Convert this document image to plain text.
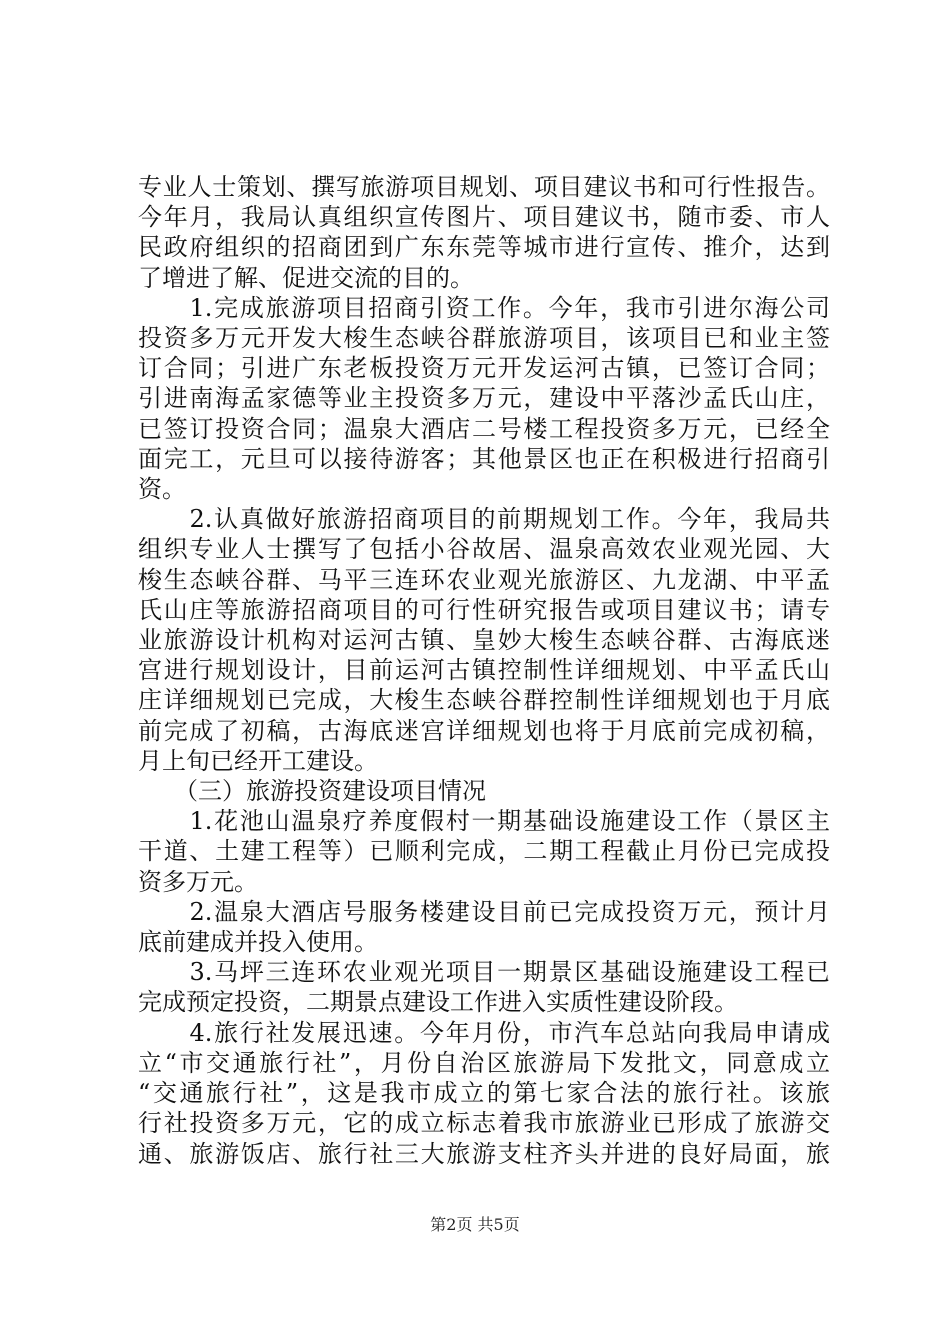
专业人士策划、撰写旅游项目规划、项目建议书和可行性报告。
今年月，我局认真组织宣传图片、项目建议书，随市委、市人
民政府组织的招商团到广东东莞等城市进行宣传、推介，达到
了增进了解、促进交流的目的。
　　1.完成旅游项目招商引资工作。今年，我市引进尔海公司
投资多万元开发大梭生态峡谷群旅游项目，该项目已和业主签
订合同；引进广东老板投资万元开发运河古镇，已签订合同；
引进南海孟家德等业主投资多万元，建设中平落沙孟氏山庄，
已签订投资合同；温泉大酒店二号楼工程投资多万元，已经全
面完工，元旦可以接待游客；其他景区也正在积极进行招商引
资。
　　2.认真做好旅游招商项目的前期规划工作。今年，我局共
组织专业人士撰写了包括小谷故居、温泉高效农业观光园、大
梭生态峡谷群、马平三连环农业观光旅游区、九龙湖、中平孟
氏山庄等旅游招商项目的可行性研究报告或项目建议书；请专
业旅游设计机构对运河古镇、皇妙大梭生态峡谷群、古海底迷
宫进行规划设计，目前运河古镇控制性详细规划、中平孟氏山
庄详细规划已完成，大梭生态峡谷群控制性详细规划也于月底
前完成了初稿，古海底迷宫详细规划也将于月底前完成初稿，
月上旬已经开工建设。
　　（三）旅游投资建设项目情况
　　1.花池山温泉疗养度假村一期基础设施建设工作（景区主
干道、土建工程等）已顺利完成，二期工程截止月份已完成投
资多万元。
　　2.温泉大酒店号服务楼建设目前已完成投资万元，预计月
底前建成并投入使用。
　　3.马坪三连环农业观光项目一期景区基础设施建设工程已
完成预定投资，二期景点建设工作进入实质性建设阶段。
　　4.旅行社发展迅速。今年月份，市汽车总站向我局申请成
立“市交通旅行社”，月份自治区旅游局下发批文，同意成立
“交通旅行社”，这是我市成立的第七家合法的旅行社。该旅
行社投资多万元，它的成立标志着我市旅游业已形成了旅游交
通、旅游饭店、旅行社三大旅游支柱齐头并进的良好局面，旅
第2页 共5页
